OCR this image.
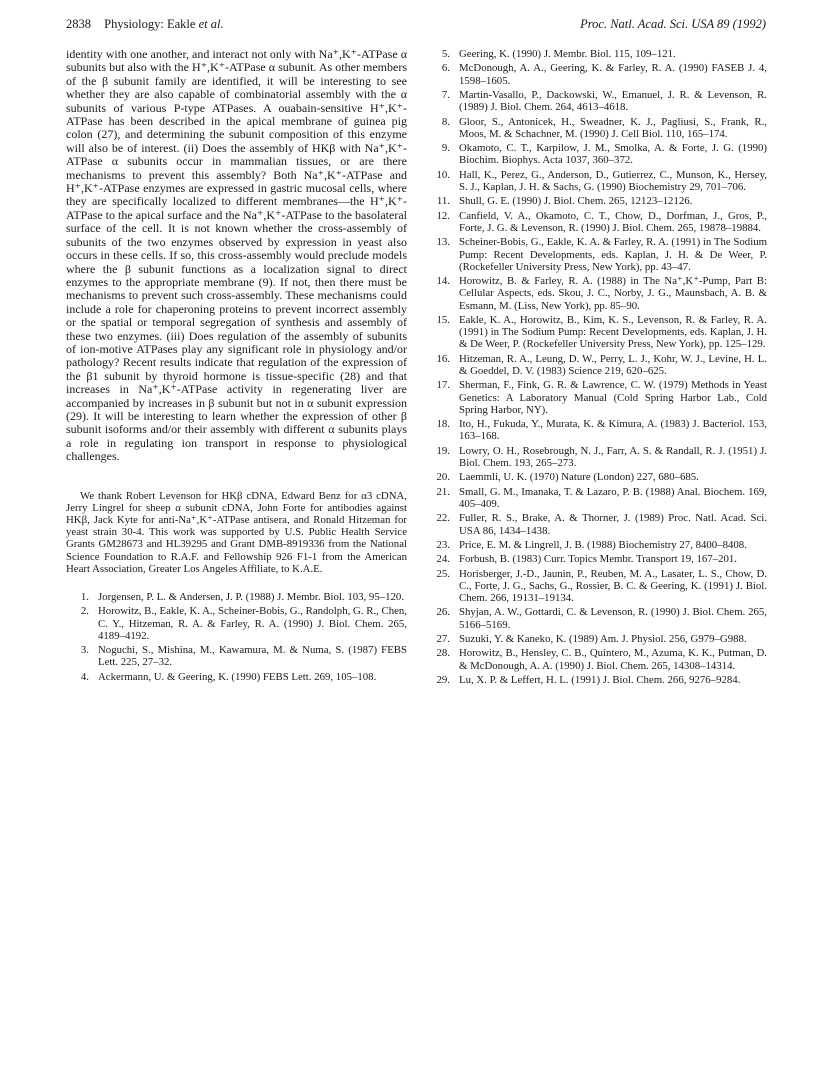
2838 Physiology: Eakle et al.	Proc. Natl. Acad. Sci. USA 89 (1992)

identity with one another, and interact not only with Na⁺,K⁺-ATPase α subunits but also with the H⁺,K⁺-ATPase α subunit. As other members of the β subunit family are identified, it will be interesting to see whether they are also capable of combinatorial assembly with the α subunits of various P-type ATPases. A ouabain-sensitive H⁺,K⁺-ATPase has been described in the apical membrane of guinea pig colon (27), and determining the subunit composition of this enzyme will also be of interest. (ii) Does the assembly of HKβ with Na⁺,K⁺-ATPase α subunits occur in mammalian tissues, or are there mechanisms to prevent this assembly? Both Na⁺,K⁺-ATPase and H⁺,K⁺-ATPase enzymes are expressed in gastric mucosal cells, where they are specifically localized to different membranes—the H⁺,K⁺-ATPase to the apical surface and the Na⁺,K⁺-ATPase to the basolateral surface of the cell. It is not known whether the cross-assembly of subunits of the two enzymes observed by expression in yeast also occurs in these cells. If so, this cross-assembly would preclude models where the β subunit functions as a localization signal to direct enzymes to the appropriate membrane (9). If not, then there must be mechanisms to prevent such cross-assembly. These mechanisms could include a role for chaperoning proteins to prevent incorrect assembly or the spatial or temporal segregation of synthesis and assembly of these two enzymes. (iii) Does regulation of the assembly of subunits of ion-motive ATPases play any significant role in physiology and/or pathology? Recent results indicate that regulation of the expression of the β1 subunit by thyroid hormone is tissue-specific (28) and that increases in Na⁺,K⁺-ATPase activity in regenerating liver are accompanied by increases in β subunit but not in α subunit expression (29). It will be interesting to learn whether the expression of other β subunit isoforms and/or their assembly with different α subunits plays a role in regulating ion transport in response to physiological challenges.

We thank Robert Levenson for HKβ cDNA, Edward Benz for α3 cDNA, Jerry Lingrel for sheep α subunit cDNA, John Forte for antibodies against HKβ, Jack Kyte for anti-Na⁺,K⁺-ATPase antisera, and Ronald Hitzeman for yeast strain 30-4. This work was supported by U.S. Public Health Service Grants GM28673 and HL39295 and Grant DMB-8919336 from the National Science Foundation to R.A.F. and Fellowship 926 F1-1 from the American Heart Association, Greater Los Angeles Affiliate, to K.A.E.

1. Jorgensen, P. L. & Andersen, J. P. (1988) J. Membr. Biol. 103, 95–120.
2. Horowitz, B., Eakle, K. A., Scheiner-Bobis, G., Randolph, G. R., Chen, C. Y., Hitzeman, R. A. & Farley, R. A. (1990) J. Biol. Chem. 265, 4189–4192.
3. Noguchi, S., Mishina, M., Kawamura, M. & Numa, S. (1987) FEBS Lett. 225, 27–32.
4. Ackermann, U. & Geering, K. (1990) FEBS Lett. 269, 105–108.
5. Geering, K. (1990) J. Membr. Biol. 115, 109–121.
6. McDonough, A. A., Geering, K. & Farley, R. A. (1990) FASEB J. 4, 1598–1605.
7. Martin-Vasallo, P., Dackowski, W., Emanuel, J. R. & Levenson, R. (1989) J. Biol. Chem. 264, 4613–4618.
8. Gloor, S., Antonicek, H., Sweadner, K. J., Pagliusi, S., Frank, R., Moos, M. & Schachner, M. (1990) J. Cell Biol. 110, 165–174.
9. Okamoto, C. T., Karpilow, J. M., Smolka, A. & Forte, J. G. (1990) Biochim. Biophys. Acta 1037, 360–372.
10. Hall, K., Perez, G., Anderson, D., Gutierrez, C., Munson, K., Hersey, S. J., Kaplan, J. H. & Sachs, G. (1990) Biochemistry 29, 701–706.
11. Shull, G. E. (1990) J. Biol. Chem. 265, 12123–12126.
12. Canfield, V. A., Okamoto, C. T., Chow, D., Dorfman, J., Gros, P., Forte, J. G. & Levenson, R. (1990) J. Biol. Chem. 265, 19878–19884.
13. Scheiner-Bobis, G., Eakle, K. A. & Farley, R. A. (1991) in The Sodium Pump: Recent Developments, eds. Kaplan, J. H. & De Weer, P. (Rockefeller University Press, New York), pp. 43–47.
14. Horowitz, B. & Farley, R. A. (1988) in The Na⁺,K⁺-Pump, Part B: Cellular Aspects, eds. Skou, J. C., Norby, J. G., Maunsbach, A. B. & Esmann, M. (Liss, New York), pp. 85–90.
15. Eakle, K. A., Horowitz, B., Kim, K. S., Levenson, R. & Farley, R. A. (1991) in The Sodium Pump: Recent Developments, eds. Kaplan, J. H. & De Weer, P. (Rockefeller University Press, New York), pp. 125–129.
16. Hitzeman, R. A., Leung, D. W., Perry, L. J., Kohr, W. J., Levine, H. L. & Goeddel, D. V. (1983) Science 219, 620–625.
17. Sherman, F., Fink, G. R. & Lawrence, C. W. (1979) Methods in Yeast Genetics: A Laboratory Manual (Cold Spring Harbor Lab., Cold Spring Harbor, NY).
18. Ito, H., Fukuda, Y., Murata, K. & Kimura, A. (1983) J. Bacteriol. 153, 163–168.
19. Lowry, O. H., Rosebrough, N. J., Farr, A. S. & Randall, R. J. (1951) J. Biol. Chem. 193, 265–273.
20. Laemmli, U. K. (1970) Nature (London) 227, 680–685.
21. Small, G. M., Imanaka, T. & Lazaro, P. B. (1988) Anal. Biochem. 169, 405–409.
22. Fuller, R. S., Brake, A. & Thorner, J. (1989) Proc. Natl. Acad. Sci. USA 86, 1434–1438.
23. Price, E. M. & Lingrell, J. B. (1988) Biochemistry 27, 8400–8408.
24. Forbush, B. (1983) Curr. Topics Membr. Transport 19, 167–201.
25. Horisberger, J.-D., Jaunin, P., Reuben, M. A., Lasater, L. S., Chow, D. C., Forte, J. G., Sachs, G., Rossier, B. C. & Geering, K. (1991) J. Biol. Chem. 266, 19131–19134.
26. Shyjan, A. W., Gottardi, C. & Levenson, R. (1990) J. Biol. Chem. 265, 5166–5169.
27. Suzuki, Y. & Kaneko, K. (1989) Am. J. Physiol. 256, G979–G988.
28. Horowitz, B., Hensley, C. B., Quintero, M., Azuma, K. K., Putman, D. & McDonough, A. A. (1990) J. Biol. Chem. 265, 14308–14314.
29. Lu, X. P. & Leffert, H. L. (1991) J. Biol. Chem. 266, 9276–9284.
